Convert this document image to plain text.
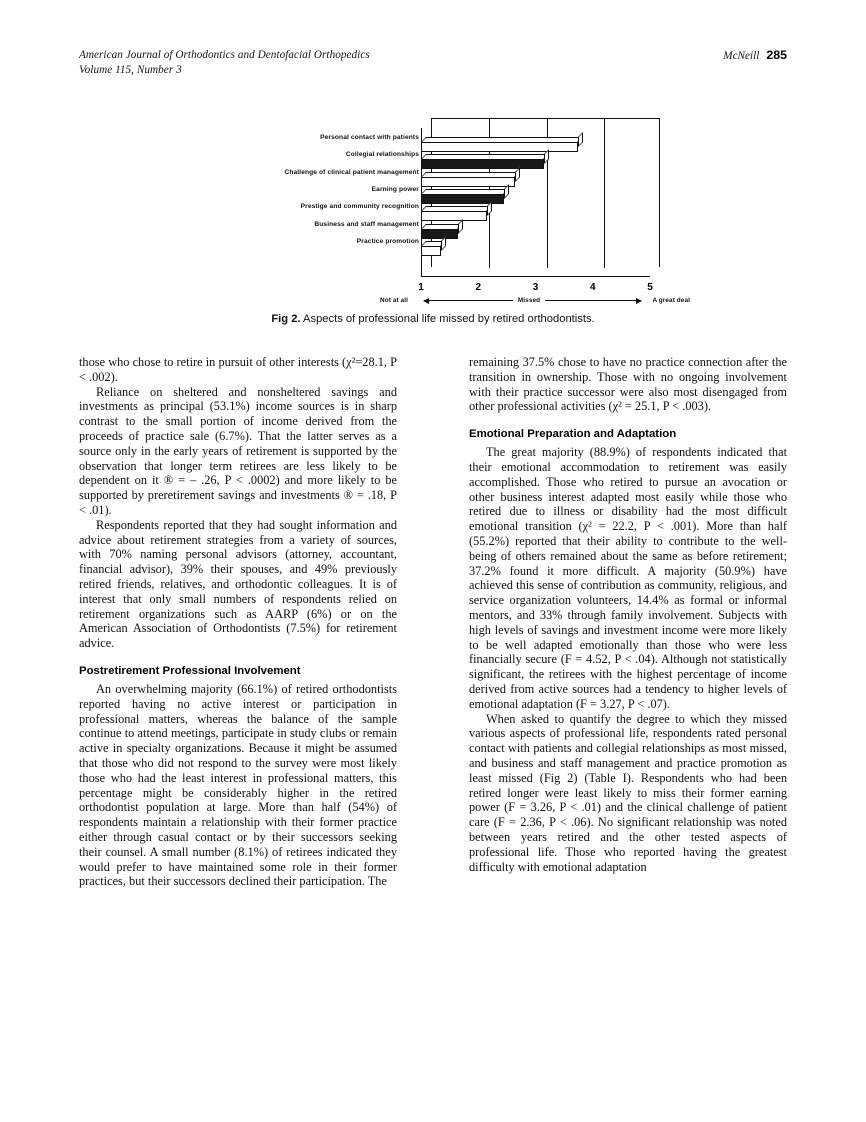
American Journal of Orthodontics and Dentofacial Orthopedics
Volume 115, Number 3
McNeill 285
Personal contact with patients
Collegial relationships
Challenge of clinical patient management
Earning power
Prestige and community recognition
Business and staff management
Practice promotion
1	2	3	4	5
Not at all	Missed	A great deal
Fig 2. Aspects of professional life missed by retired orthodontists.

those who chose to retire in pursuit of other interests (χ²=28.1, P < .002).

Reliance on sheltered and nonsheltered savings and investments as principal (53.1%) income sources is in sharp contrast to the small portion of income derived from the proceeds of practice sale (6.7%). That the latter serves as a source only in the early years of retirement is supported by the observation that longer term retirees are less likely to be dependent on it ® = – .26, P < .0002) and more likely to be supported by preretirement savings and investments ® = .18, P < .01).

Respondents reported that they had sought information and advice about retirement strategies from a variety of sources, with 70% naming personal advisors (attorney, accountant, financial advisor), 39% their spouses, and 49% previously retired friends, relatives, and orthodontic colleagues. It is of interest that only small numbers of respondents relied on retirement organizations such as AARP (6%) or on the American Association of Orthodontists (7.5%) for retirement advice.

Postretirement Professional Involvement

An overwhelming majority (66.1%) of retired orthodontists reported having no active interest or participation in professional matters, whereas the balance of the sample continue to attend meetings, participate in study clubs or remain active in specialty organizations. Because it might be assumed that those who did not respond to the survey were most likely those who had the least interest in professional matters, this percentage might be considerably higher in the retired orthodontist population at large. More than half (54%) of respondents maintain a relationship with their former practice either through casual contact or by their successors seeking their counsel. A small number (8.1%) of retirees indicated they would prefer to have maintained some role in their former practices, but their successors declined their participation. The

remaining 37.5% chose to have no practice connection after the transition in ownership. Those with no ongoing involvement with their practice successor were also most disengaged from other professional activities (χ² = 25.1, P < .003).

Emotional Preparation and Adaptation

The great majority (88.9%) of respondents indicated that their emotional accommodation to retirement was easily accomplished. Those who retired to pursue an avocation or other business interest adapted most easily while those who retired due to illness or disability had the most difficult emotional transition (χ² = 22.2, P < .001). More than half (55.2%) reported that their ability to contribute to the well-being of others remained about the same as before retirement; 37.2% found it more difficult. A majority (50.9%) have achieved this sense of contribution as community, religious, and service organization volunteers, 14.4% as formal or informal mentors, and 33% through family involvement. Subjects with high levels of savings and investment income were more likely to be well adapted emotionally than those who were less financially secure (F = 4.52, P < .04). Although not statistically significant, the retirees with the highest percentage of income derived from active sources had a tendency to higher levels of emotional adaptation (F = 3.27, P < .07).

When asked to quantify the degree to which they missed various aspects of professional life, respondents rated personal contact with patients and collegial relationships as most missed, and business and staff management and practice promotion as least missed (Fig 2) (Table I). Respondents who had been retired longer were least likely to miss their former earning power (F = 3.26, P < .01) and the clinical challenge of patient care (F = 2.36, P < .06). No significant relationship was noted between years retired and the other tested aspects of professional life. Those who reported having the greatest difficulty with emotional adaptation
